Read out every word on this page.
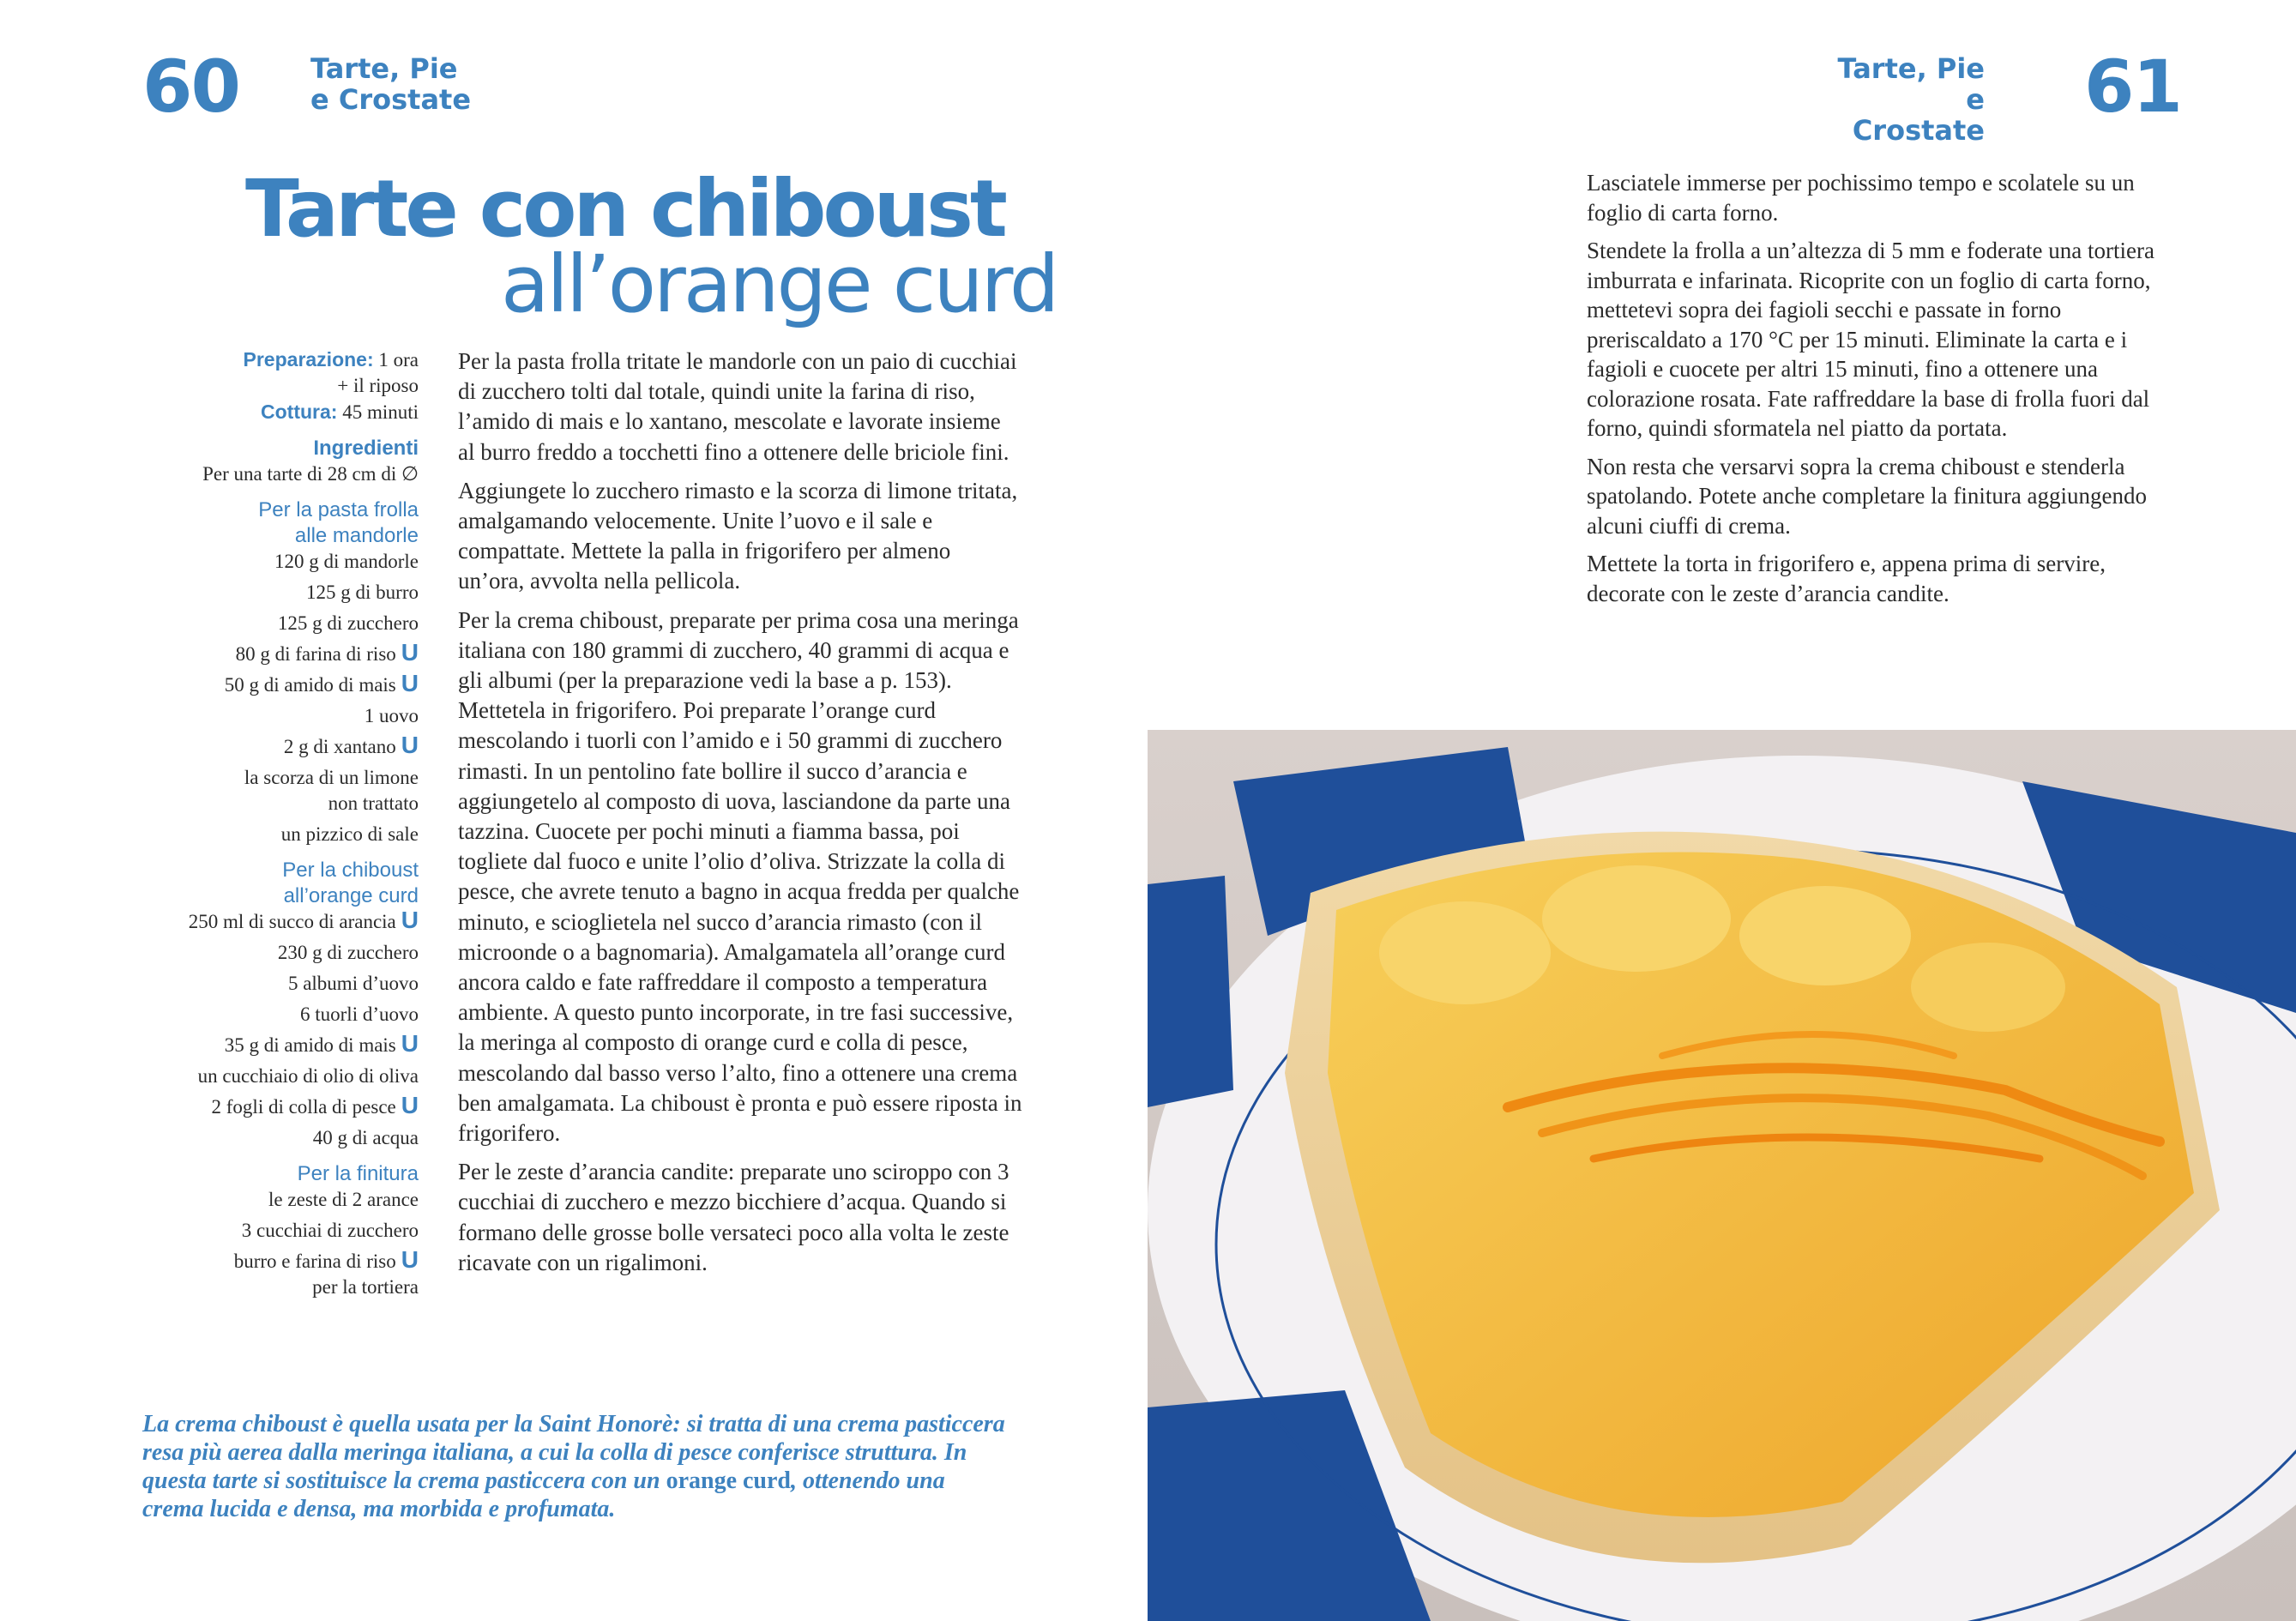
60	Tarte, Pie
e Crostate
Tarte, Pie
e Crostate
61
Tarte con chiboust
all’orange curd
Preparazione: 1 ora
+ il riposo
Cottura: 45 minuti
Ingredienti
Per una tarte di 28 cm di ∅
Per la pasta frolla
alle mandorle
120 g di mandorle
125 g di burro
125 g di zucchero
80 g di farina di riso U
50 g di amido di mais U
1 uovo
2 g di xantano U
la scorza di un limone
non trattato
un pizzico di sale
Per la chiboust
all’orange curd
250 ml di succo di arancia U
230 g di zucchero
5 albumi d’uovo
6 tuorli d’uovo
35 g di amido di mais U
un cucchiaio di olio di oliva
2 fogli di colla di pesce U
40 g di acqua
Per la finitura
le zeste di 2 arance
3 cucchiai di zucchero
burro e farina di riso U
per la tortiera

Per la pasta frolla tritate le mandorle con un paio di cucchiai di zucchero tolti dal totale, quindi unite la farina di riso, l’amido di mais e lo xantano, mescolate e lavorate insieme al burro freddo a tocchetti fino a ottenere delle briciole fini.

Aggiungete lo zucchero rimasto e la scorza di limone tritata, amalgamando velocemente. Unite l’uovo e il sale e compattate. Mettete la palla in frigorifero per almeno un’ora, avvolta nella pellicola.

Per la crema chiboust, preparate per prima cosa una meringa italiana con 180 grammi di zucchero, 40 grammi di acqua e gli albumi (per la preparazione vedi la base a p. 153). Mettetela in frigorifero. Poi preparate l’orange curd mescolando i tuorli con l’amido e i 50 grammi di zucchero rimasti. In un pentolino fate bollire il succo d’arancia e aggiungetelo al composto di uova, lasciandone da parte una tazzina. Cuocete per pochi minuti a fiamma bassa, poi togliete dal fuoco e unite l’olio d’oliva. Strizzate la colla di pesce, che avrete tenuto a bagno in acqua fredda per qualche minuto, e scioglietela nel succo d’arancia rimasto (con il microonde o a bagnomaria). Amalgamatela all’orange curd ancora caldo e fate raffreddare il composto a temperatura ambiente. A questo punto incorporate, in tre fasi successive, la meringa al composto di orange curd e colla di pesce, mescolando dal basso verso l’alto, fino a ottenere una crema ben amalgamata. La chiboust è pronta e può essere riposta in frigorifero.

Per le zeste d’arancia candite: preparate uno sciroppo con 3 cucchiai di zucchero e mezzo bicchiere d’acqua. Quando si formano delle grosse bolle versateci poco alla volta le zeste ricavate con un rigalimoni.

Lasciatele immerse per pochissimo tempo e scolatele su un foglio di carta forno.

Stendete la frolla a un’altezza di 5 mm e foderate una tortiera imburrata e infarinata. Ricoprite con un foglio di carta forno, mettetevi sopra dei fagioli secchi e passate in forno preriscaldato a 170 °C per 15 minuti. Eliminate la carta e i fagioli e cuocete per altri 15 minuti, fino a ottenere una colorazione rosata. Fate raffreddare la base di frolla fuori dal forno, quindi sformatela nel piatto da portata.

Non resta che versarvi sopra la crema chiboust e stenderla spatolando. Potete anche completare la finitura aggiungendo alcuni ciuffi di crema.

Mettete la torta in frigorifero e, appena prima di servire, decorate con le zeste d’arancia candite.

La crema chiboust è quella usata per la Saint Honorè: si tratta di una crema pasticcera resa più aerea dalla meringa italiana, a cui la colla di pesce conferisce struttura. In questa tarte si sostituisce la crema pasticcera con un orange curd, ottenendo una crema lucida e densa, ma morbida e profumata.
